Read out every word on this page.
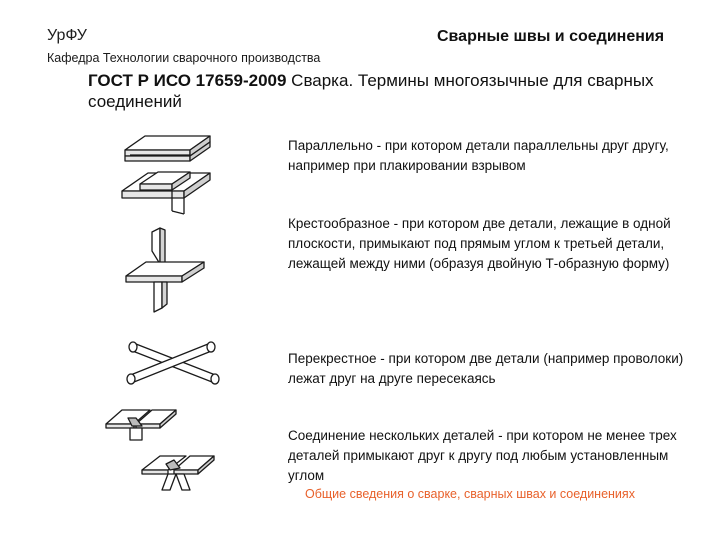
УрФУ
Кафедра Технологии сварочного производства
Сварные швы и соединения
ГОСТ Р ИСО 17659-2009 Сварка. Термины многоязычные для сварных соединений
Параллельно - при котором детали параллельны друг другу, например при плакировании взрывом
Крестообразное - при котором две детали, лежащие в одной плоскости, примыкают под прямым углом к третьей детали, лежащей между ними (образуя двойную Т-образную форму)
Перекрестное - при котором две детали (например проволоки) лежат друг на друге пересекаясь
Соединение нескольких деталей - при котором не менее трех деталей примыкают друг к другу под любым установленным углом
Общие сведения о сварке, сварных швах и соединениях
